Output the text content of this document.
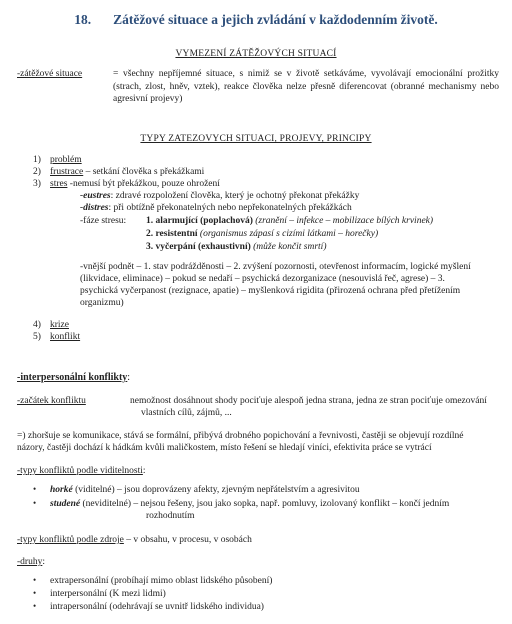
18. Zátěžové situace a jejich zvládání v každodenním životě.
VYMEZENÍ ZÁTĚŽOVÝCH SITUACÍ
-zátěžové situace	= všechny nepříjemné situace, s nimiž se v životě setkáváme, vyvolávají emocionální prožitky (strach, zlost, hněv, vztek), reakce člověka nelze přesně diferencovat (obranné mechanismy nebo agresivní projevy)
TYPY ZATEZOVYCH SITUACI, PROJEVY, PRINCIPY
1) problém
2) frustrace – setkání člověka s překážkami
3) stres -nemusí být překážkou, pouze ohrožení
-eustres: zdravé rozpoložení člověka, který je ochotný překonat překážky
-distres: při obtížně překonatelných nebo nepřekonatelných překážkách
-fáze stresu: 1. alarmující (poplachová) (zranění – infekce – mobilizace bílých krvinek)
2. resistentní (organismus zápasí s cizími látkami – horečky)
3. vyčerpání (exhaustivní) (může končit smrtí)
-vnější podnět – 1. stav podrážděnosti – 2. zvýšení pozornosti, otevřenost informacím, logické myšlení
(likvidace, eliminace) – pokud se nedaří – psychická dezorganizace (nesouvislá řeč, agrese) – 3.
psychická vyčerpanost (rezignace, apatie) – myšlenková rigidita (přirozená ochrana před přetížením
organizmu)
4) krize
5) konflikt
-interpersonální konflikty:
-začátek konfliktu	nemožnost dosáhnout shody pociťuje alespoň jedna strana, jedna ze stran pociťuje omezování
vlastních cílů, zájmů, ...
=) zhoršuje se komunikace, stává se formální, přibývá drobného popichování a řevnivosti, častěji se objevují rozdílné
názory, častěji dochází k hádkám kvůli maličkostem, místo řešení se hledají viníci, efektivita práce se vytrácí
-typy konfliktů podle viditelnosti:
• horké (viditelné) – jsou doprovázeny afekty, zjevným nepřátelstvím a agresivitou
• studené (neviditelné) – nejsou řešeny, jsou jako sopka, např. pomluvy, izolovaný konflikt – končí jedním
rozhodnutím
-typy konfliktů podle zdroje – v obsahu, v procesu, v osobách
-druhy:
• extrapersonální (probíhají mimo oblast lidského působení)
• interpersonální (K mezi lidmi)
• intrapersonální (odehrávají se uvnitř lidského individua)
